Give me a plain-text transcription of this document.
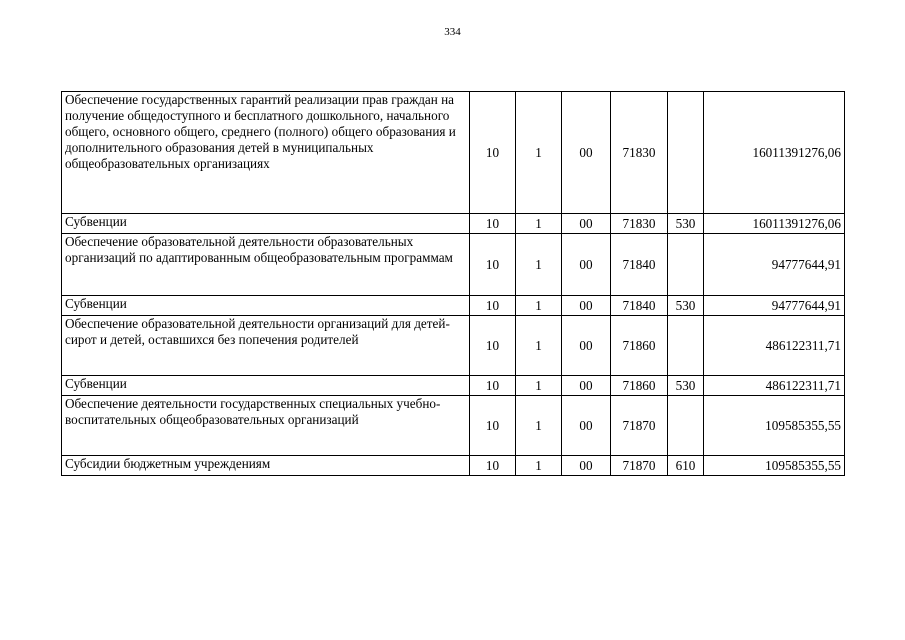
334
Обеспечение государственных гарантий реализации прав граждан на получение общедоступного и бесплатного дошкольного, начального общего, основного общего, среднего (полного) общего образования и дополнительного образования детей в муниципальных общеобразовательных организациях	10	1	00	71830		16011391276,06
Субвенции	10	1	00	71830	530	16011391276,06
Обеспечение образовательной деятельности образовательных организаций по адаптированным общеобразовательным программам	10	1	00	71840		94777644,91
Субвенции	10	1	00	71840	530	94777644,91
Обеспечение образовательной деятельности организаций для детей-сирот и детей, оставшихся без попечения родителей	10	1	00	71860		486122311,71
Субвенции	10	1	00	71860	530	486122311,71
Обеспечение деятельности государственных специальных учебно-воспитательных общеобразовательных организаций	10	1	00	71870		109585355,55
Субсидии бюджетным учреждениям	10	1	00	71870	610	109585355,55
